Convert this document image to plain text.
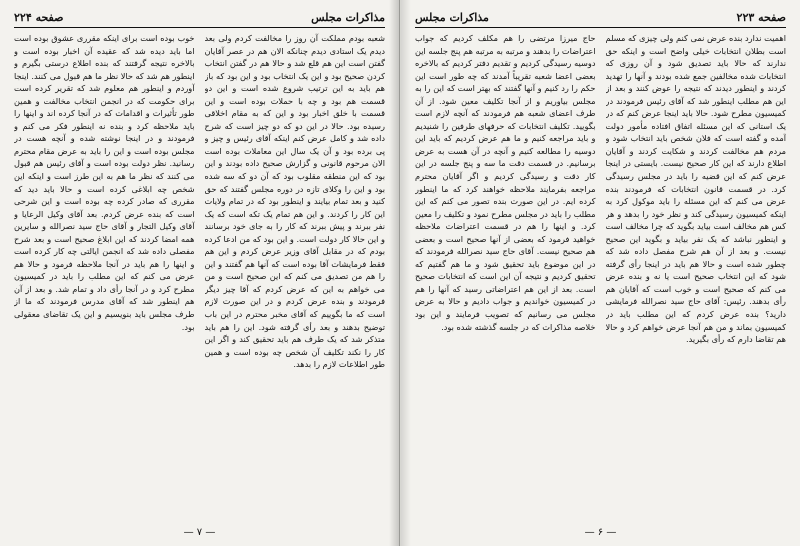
مذاکرات مجلس
صفحه ۲۲۴

شعبه بودم مملکت آن روز را مخالفت کردم ولی بعد دیدم یک استادی دیدم چنانکه الان هم در عصر آقایان گفتن است این هم قلع شد و حالا هم در گفتن انتخاب کردن صحیح بود و این یک انتخاب بود و این بود که باز هم باید به این ترتیب شروع شده است و این دو قسمت هم بود و چه با حملات بوده است و این قسمت با خلق اخبار بود و این که به مقام اخلاقی رسیده بود. حالا در این دو که دو چیز است که شرح داده شد و کامل عرض کنم اینکه آقای رئیس و چیز و پی برده بود و آن یک سال این معاملات بوده است الان مرحوم قانونی و گزارش صحیح داده بودند و این بود که این منطقه مقلوب بود که آن دو که سه شده بود و این را وکلای تازه در دوره مجلس گفتند که حق کنید و بعد تمام بیایند و اینطور بود که در تمام ولایات این کار را کردند. و این هم تمام یک تکه است که یک نفر ببرند و پیش ببرند که کار را به جای خود برسانند و این حالا کار دولت است. و این بود که من ادعا کرده بودم که در مقابل آقای وزیر عرض کردم و این هم فقط فرمایشات آقا بوده است که آنها هم گفتند و این را هم من تصدیق می کنم که این صحیح است و من می خواهم به این که عرض کردم که آقا چیز دیگر فرمودند و بنده عرض کردم و در این صورت لازم است که ما بگوییم که آقای مخبر محترم در این باب توضیح بدهند و بعد رأی گرفته شود. این را هم باید متذکر شد که یک طرف هم باید تحقیق کند و اگر این کار را نکند تکلیف آن شخص چه بوده است و همین طور اطلاعات لازم را بدهد.

خوب بوده است برای اینکه مقرری عشوق بوده است اما باید دیده شد که عقیده آن اخبار بوده است و بالاخره نتیجه گرفتند که بنده اطلاع درستی بگیرم و اینطور هم شد که حالا نظر ما هم قبول می کنند. اینجا آوردم و اینطور هم معلوم شد که تقریر کرده است برای حکومت که در انجمن انتخاب مخالفت و همین طور تأثیرات و اقدامات که در آنجا کرده اند و اینها را باید ملاحظه کرد و بنده نه اینطور فکر می کنم و فرمودند و در اینجا نوشته شده و آنچه هست در مجلس بوده است و این را باید به عرض مقام محترم رسانید. نظر دولت بوده است و آقای رئیس هم قبول می کنند که نظر ما هم به این طرز است و اینکه این شخص چه ابلاغی کرده است و حالا باید دید که مقرری که صادر کرده چه بوده است و این شرحی است که بنده عرض کردم. بعد آقای وکیل الرعایا و آقای وکیل التجار و آقای حاج سید نصرالله و سایرین همه امضا کردند که این ابلاغ صحیح است و بعد شرح مفصلی داده شد که انجمن ایالتی چه کار کرده است و اینها را هم باید در آنجا ملاحظه فرمود و حالا هم عرض می کنم که این مطلب را باید در کمیسیون مطرح کرد و در آنجا رأی داد و تمام شد. و بعد از آن هم اینطور شد که آقای مدرس فرمودند که ما از طرف مجلس باید بنویسیم و این یک تقاضای معقولی بود.

— ۷ —
صفحه ۲۲۳
مذاکرات مجلس

اهمیت ندارد بنده عرض نمی کنم ولی چیزی که مسلم است بطلان انتخابات خیلی واضح است و اینکه حق ندارند که حالا باید تصدیق شود و آن روزی که انتخابات شده مخالفین جمع شده بودند و آنها را تهدید کردند و اینطور دیدند که نتیجه را عوض کنند و بعد از این هم مطلب اینطور شد که آقای رئیس فرمودند در کمیسیون مطرح شود. حالا باید اینجا عرض کنم که در یک استانی که این مسئله اتفاق افتاده مأمور دولت آمده و گفته است که فلان شخص باید انتخاب شود و مردم هم مخالفت کردند و شکایت کردند و آقایان اطلاع دارند که این کار صحیح نیست. بایستی در اینجا عرض کنم که این قضیه را باید در مجلس رسیدگی کرد. در قسمت قانون انتخابات که فرمودند بنده عرض می کنم که این مسئله را باید موکول کرد به اینکه کمیسیون رسیدگی کند و نظر خود را بدهد و هر کس هم مخالف است بیاید بگوید که چرا مخالف است و اینطور نباشد که یک نفر بیاید و بگوید این صحیح نیست. و بعد از آن هم شرح مفصل داده شد که چطور شده است و حالا هم باید در اینجا رأی گرفته شود که این انتخاب صحیح است یا نه و بنده عرض می کنم که صحیح است و خوب است که آقایان هم رأی بدهند. رئیس: آقای حاج سید نصرالله فرمایشی دارید؟ بنده عرض کردم که این مطلب باید در کمیسیون بماند و من هم آنجا عرض خواهم کرد و حالا هم تقاضا دارم که رأی بگیرید.

حاج میرزا مرتضی را هم مکلف کردیم که جواب اعتراضات را بدهند و مرتبه به مرتبه هم پنج جلسه این دوسیه رسیدگی کردیم و تقدیم دفتر کردیم که بالاخره بعضی اعضا شعبه تقریباً آمدند که چه طور است این حکم را رد کنیم و آنها گفتند که بهتر است که این را به مجلس بیاوریم و از آنجا تکلیف معین شود. از آن طرف اعضای شعبه هم فرمودند که آنچه لازم است بگویید. تکلیف انتخابات که حرفهای طرفین را شنیدیم و باید مراجعه کنیم و ما هم عرض کردیم که باید این دوسیه را مطالعه کنیم و آنچه در آن هست به عرض برسانیم. در قسمت دقت ما سه و پنج جلسه در این کار دقت و رسیدگی کردیم و اگر آقایان محترم مراجعه بفرمایند ملاحظه خواهند کرد که ما اینطور کرده ایم. در این صورت بنده تصور می کنم که این مطلب را باید در مجلس مطرح نمود و تکلیف را معین کرد. و اینها را هم در قسمت اعتراضات ملاحظه خواهید فرمود که بعضی از آنها صحیح است و بعضی هم صحیح نیست. آقای حاج سید نصرالله فرمودند که در این موضوع باید تحقیق شود و ما هم گفتیم که تحقیق کردیم و نتیجه آن این است که انتخابات صحیح است. بعد از این هم اعتراضاتی رسید که آنها را هم در کمیسیون خواندیم و جواب دادیم و حالا به عرض مجلس می رسانیم که تصویب فرمایند و این بود خلاصه مذاکرات که در جلسه گذشته شده بود.

— ۶ —
